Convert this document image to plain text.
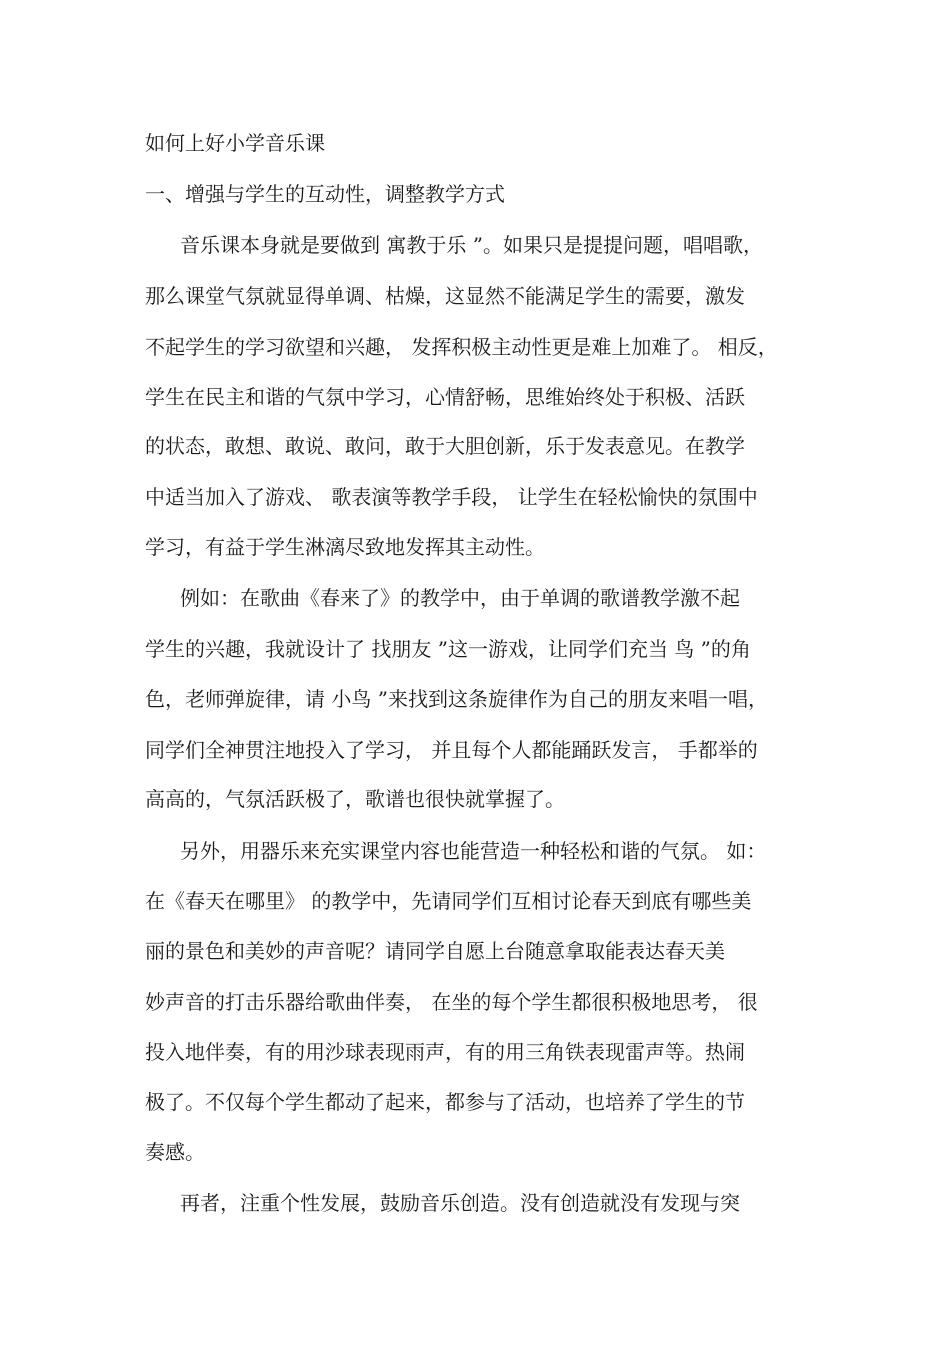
如何上好小学音乐课
一、增强与学生的互动性，调整教学方式
音乐课本身就是要做到 寓教于乐 ”。如果只是提提问题，唱唱歌，
那么课堂气氛就显得单调、枯燥，这显然不能满足学生的需要，激发
不起学生的学习欲望和兴趣， 发挥积极主动性更是难上加难了。 相反，
学生在民主和谐的气氛中学习，心情舒畅，思维始终处于积极、活跃
的状态，敢想、敢说、敢问，敢于大胆创新，乐于发表意见。在教学
中适当加入了游戏、 歌表演等教学手段， 让学生在轻松愉快的氛围中
学习，有益于学生淋漓尽致地发挥其主动性。
例如：在歌曲《春来了》的教学中，由于单调的歌谱教学激不起
学生的兴趣，我就设计了 找朋友 ”这一游戏，让同学们充当 鸟 ”的角
色，老师弹旋律，请 小鸟 ”来找到这条旋律作为自己的朋友来唱一唱，
同学们全神贯注地投入了学习， 并且每个人都能踊跃发言， 手都举的
高高的，气氛活跃极了，歌谱也很快就掌握了。
另外，用器乐来充实课堂内容也能营造一种轻松和谐的气氛。 如：
在《春天在哪里》 的教学中，先请同学们互相讨论春天到底有哪些美
丽的景色和美妙的声音呢？请同学自愿上台随意拿取能表达春天美
妙声音的打击乐器给歌曲伴奏， 在坐的每个学生都很积极地思考， 很
投入地伴奏，有的用沙球表现雨声，有的用三角铁表现雷声等。热闹
极了。不仅每个学生都动了起来，都参与了活动，也培养了学生的节
奏感。
再者，注重个性发展，鼓励音乐创造。没有创造就没有发现与突
